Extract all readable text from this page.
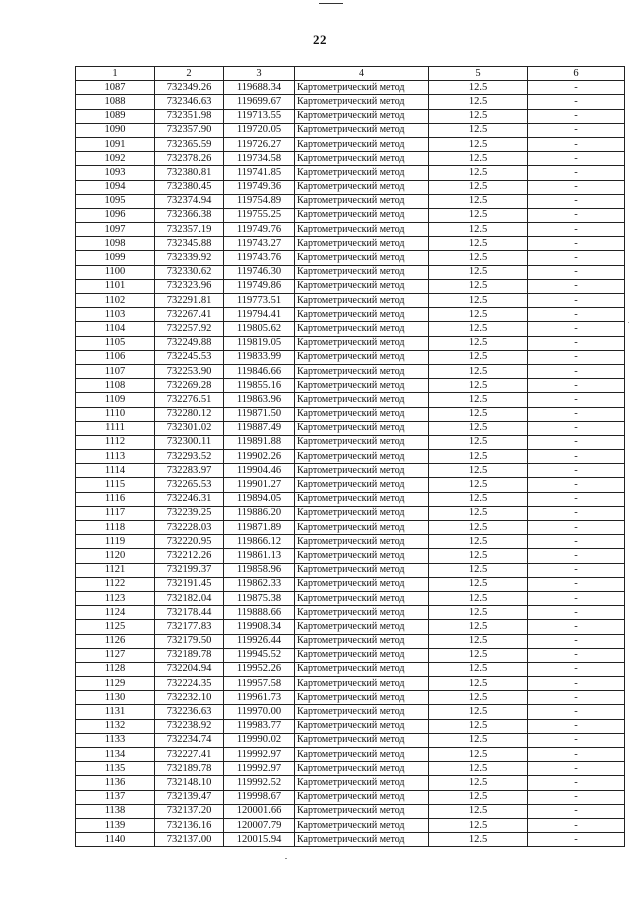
22
1	2	3	4	5	6
1087	732349.26	119688.34	Картометрический метод	12.5	-
1088	732346.63	119699.67	Картометрический метод	12.5	-
1089	732351.98	119713.55	Картометрический метод	12.5	-
1090	732357.90	119720.05	Картометрический метод	12.5	-
1091	732365.59	119726.27	Картометрический метод	12.5	-
1092	732378.26	119734.58	Картометрический метод	12.5	-
1093	732380.81	119741.85	Картометрический метод	12.5	-
1094	732380.45	119749.36	Картометрический метод	12.5	-
1095	732374.94	119754.89	Картометрический метод	12.5	-
1096	732366.38	119755.25	Картометрический метод	12.5	-
1097	732357.19	119749.76	Картометрический метод	12.5	-
1098	732345.88	119743.27	Картометрический метод	12.5	-
1099	732339.92	119743.76	Картометрический метод	12.5	-
1100	732330.62	119746.30	Картометрический метод	12.5	-
1101	732323.96	119749.86	Картометрический метод	12.5	-
1102	732291.81	119773.51	Картометрический метод	12.5	-
1103	732267.41	119794.41	Картометрический метод	12.5	-
1104	732257.92	119805.62	Картометрический метод	12.5	-
1105	732249.88	119819.05	Картометрический метод	12.5	-
1106	732245.53	119833.99	Картометрический метод	12.5	-
1107	732253.90	119846.66	Картометрический метод	12.5	-
1108	732269.28	119855.16	Картометрический метод	12.5	-
1109	732276.51	119863.96	Картометрический метод	12.5	-
1110	732280.12	119871.50	Картометрический метод	12.5	-
1111	732301.02	119887.49	Картометрический метод	12.5	-
1112	732300.11	119891.88	Картометрический метод	12.5	-
1113	732293.52	119902.26	Картометрический метод	12.5	-
1114	732283.97	119904.46	Картометрический метод	12.5	-
1115	732265.53	119901.27	Картометрический метод	12.5	-
1116	732246.31	119894.05	Картометрический метод	12.5	-
1117	732239.25	119886.20	Картометрический метод	12.5	-
1118	732228.03	119871.89	Картометрический метод	12.5	-
1119	732220.95	119866.12	Картометрический метод	12.5	-
1120	732212.26	119861.13	Картометрический метод	12.5	-
1121	732199.37	119858.96	Картометрический метод	12.5	-
1122	732191.45	119862.33	Картометрический метод	12.5	-
1123	732182.04	119875.38	Картометрический метод	12.5	-
1124	732178.44	119888.66	Картометрический метод	12.5	-
1125	732177.83	119908.34	Картометрический метод	12.5	-
1126	732179.50	119926.44	Картометрический метод	12.5	-
1127	732189.78	119945.52	Картометрический метод	12.5	-
1128	732204.94	119952.26	Картометрический метод	12.5	-
1129	732224.35	119957.58	Картометрический метод	12.5	-
1130	732232.10	119961.73	Картометрический метод	12.5	-
1131	732236.63	119970.00	Картометрический метод	12.5	-
1132	732238.92	119983.77	Картометрический метод	12.5	-
1133	732234.74	119990.02	Картометрический метод	12.5	-
1134	732227.41	119992.97	Картометрический метод	12.5	-
1135	732189.78	119992.97	Картометрический метод	12.5	-
1136	732148.10	119992.52	Картометрический метод	12.5	-
1137	732139.47	119998.67	Картометрический метод	12.5	-
1138	732137.20	120001.66	Картометрический метод	12.5	-
1139	732136.16	120007.79	Картометрический метод	12.5	-
1140	732137.00	120015.94	Картометрический метод	12.5	-
